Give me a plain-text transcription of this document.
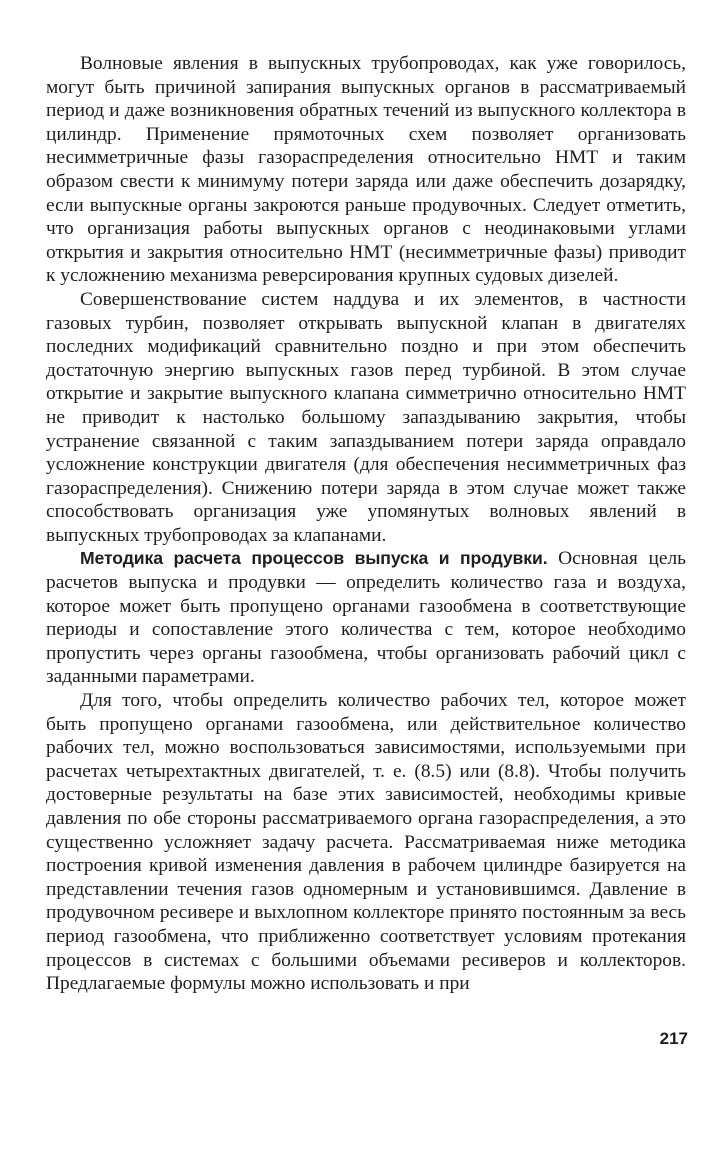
Волновые явления в выпускных трубопроводах, как уже говорилось, могут быть причиной запирания выпускных органов в рассматриваемый период и даже возникновения обратных течений из выпускного коллектора в цилиндр. Применение прямоточных схем позволяет организовать несимметричные фазы газораспределения относительно НМТ и таким образом свести к минимуму потери заряда или даже обеспечить дозарядку, если выпускные органы закроются раньше продувочных. Следует отметить, что организация работы выпускных органов с неодинаковыми углами открытия и закрытия относительно НМТ (несимметричные фазы) приводит к усложнению механизма реверсирования крупных судовых дизелей.

Совершенствование систем наддува и их элементов, в частности газовых турбин, позволяет открывать выпускной клапан в двигателях последних модификаций сравнительно поздно и при этом обеспечить достаточную энергию выпускных газов перед турбиной. В этом случае открытие и закрытие выпускного клапана симметрично относительно НМТ не приводит к настолько большому запаздыванию закрытия, чтобы устранение связанной с таким запаздыванием потери заряда оправдало усложнение конструкции двигателя (для обеспечения несимметричных фаз газораспределения). Снижению потери заряда в этом случае может также способствовать организация уже упомянутых волновых явлений в выпускных трубопроводах за клапанами.

Методика расчета процессов выпуска и продувки. Основная цель расчетов выпуска и продувки — определить количество газа и воздуха, которое может быть пропущено органами газообмена в соответствующие периоды и сопоставление этого количества с тем, которое необходимо пропустить через органы газообмена, чтобы организовать рабочий цикл с заданными параметрами.

Для того, чтобы определить количество рабочих тел, которое может быть пропущено органами газообмена, или действительное количество рабочих тел, можно воспользоваться зависимостями, используемыми при расчетах четырехтактных двигателей, т. е. (8.5) или (8.8). Чтобы получить достоверные результаты на базе этих зависимостей, необходимы кривые давления по обе стороны рассматриваемого органа газораспределения, а это существенно усложняет задачу расчета. Рассматриваемая ниже методика построения кривой изменения давления в рабочем цилиндре базируется на представлении течения газов одномерным и установившимся. Давление в продувочном ресивере и выхлопном коллекторе принято постоянным за весь период газообмена, что приближенно соответствует условиям протекания процессов в системах с большими объемами ресиверов и коллекторов. Предлагаемые формулы можно использовать и при

217
